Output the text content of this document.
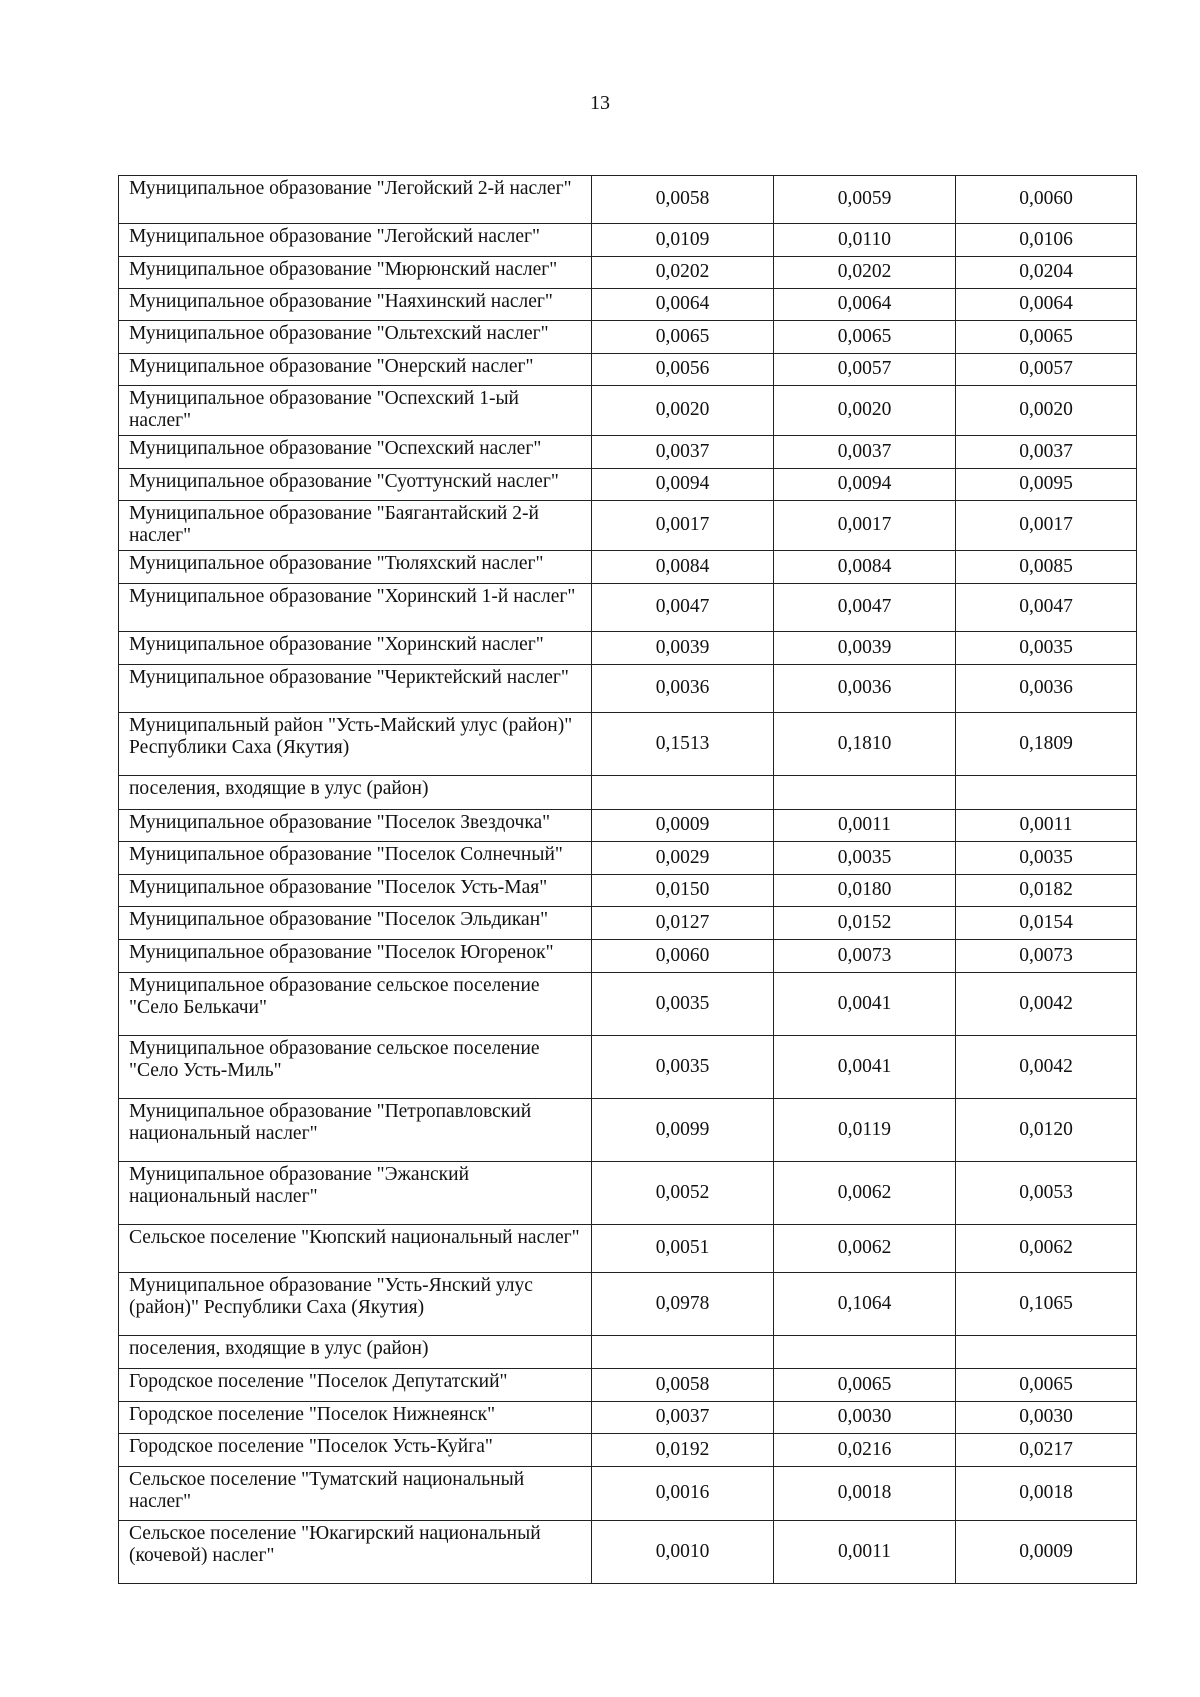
13
Муниципальное образование "Легойский 2-й наслег"	0,0058	0,0059	0,0060
Муниципальное образование "Легойский наслег"	0,0109	0,0110	0,0106
Муниципальное образование "Мюрюнский наслег"	0,0202	0,0202	0,0204
Муниципальное образование "Наяхинский наслег"	0,0064	0,0064	0,0064
Муниципальное образование "Ольтехский наслег"	0,0065	0,0065	0,0065
Муниципальное образование "Онерский наслег"	0,0056	0,0057	0,0057
Муниципальное образование "Оспехский 1-ый наслег"	0,0020	0,0020	0,0020
Муниципальное образование "Оспехский наслег"	0,0037	0,0037	0,0037
Муниципальное образование "Суоттунский наслег"	0,0094	0,0094	0,0095
Муниципальное образование "Баягантайский 2-й наслег"	0,0017	0,0017	0,0017
Муниципальное образование "Тюляхский наслег"	0,0084	0,0084	0,0085
Муниципальное образование "Хоринский 1-й наслег"	0,0047	0,0047	0,0047
Муниципальное образование "Хоринский наслег"	0,0039	0,0039	0,0035
Муниципальное образование "Чериктейский наслег"	0,0036	0,0036	0,0036
Муниципальный район "Усть-Майский улус (район)" Республики Саха (Якутия)	0,1513	0,1810	0,1809
поселения, входящие в улус (район)			
Муниципальное образование "Поселок Звездочка"	0,0009	0,0011	0,0011
Муниципальное образование "Поселок Солнечный"	0,0029	0,0035	0,0035
Муниципальное образование "Поселок Усть-Мая"	0,0150	0,0180	0,0182
Муниципальное образование "Поселок Эльдикан"	0,0127	0,0152	0,0154
Муниципальное образование "Поселок Югоренок"	0,0060	0,0073	0,0073
Муниципальное образование сельское поселение "Село Белькачи"	0,0035	0,0041	0,0042
Муниципальное образование сельское поселение "Село Усть-Миль"	0,0035	0,0041	0,0042
Муниципальное образование "Петропавловский национальный наслег"	0,0099	0,0119	0,0120
Муниципальное образование "Эжанский национальный наслег"	0,0052	0,0062	0,0053
Сельское поселение "Кюпский национальный наслег"	0,0051	0,0062	0,0062
Муниципальное образование "Усть-Янский улус (район)" Республики Саха (Якутия)	0,0978	0,1064	0,1065
поселения, входящие в улус (район)			
Городское поселение "Поселок Депутатский"	0,0058	0,0065	0,0065
Городское поселение "Поселок Нижнеянск"	0,0037	0,0030	0,0030
Городское поселение "Поселок Усть-Куйга"	0,0192	0,0216	0,0217
Сельское поселение "Туматский национальный наслег"	0,0016	0,0018	0,0018
Сельское поселение "Юкагирский национальный (кочевой) наслег"	0,0010	0,0011	0,0009
